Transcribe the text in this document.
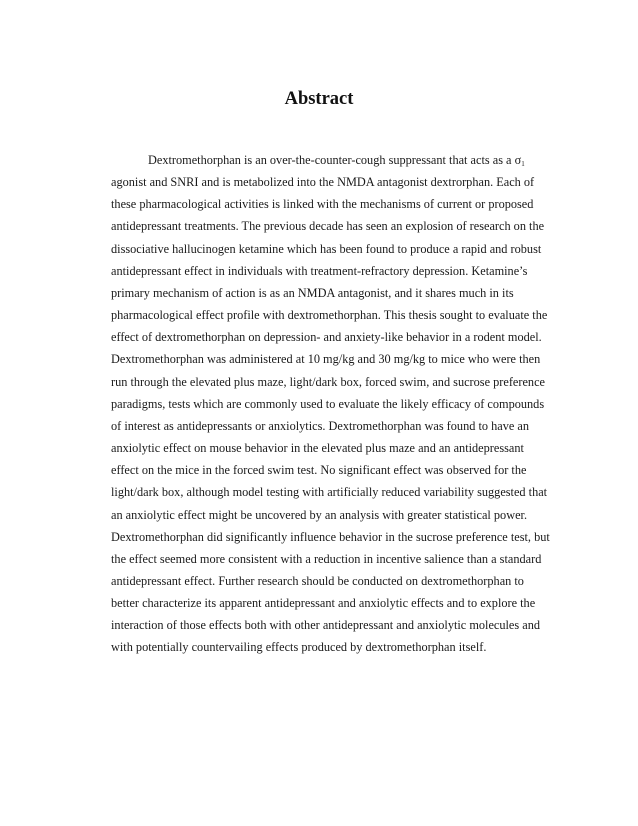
Abstract
Dextromethorphan is an over-the-counter-cough suppressant that acts as a $\sigma_1$
agonist and SNRI and is metabolized into the NMDA antagonist dextrorphan. Each of
these pharmacological activities is linked with the mechanisms of current or proposed
antidepressant treatments. The previous decade has seen an explosion of research on the
dissociative hallucinogen ketamine which has been found to produce a rapid and robust
antidepressant effect in individuals with treatment-refractory depression. Ketamine’s
primary mechanism of action is as an NMDA antagonist, and it shares much in its
pharmacological effect profile with dextromethorphan. This thesis sought to evaluate the
effect of dextromethorphan on depression- and anxiety-like behavior in a rodent model.
Dextromethorphan was administered at 10 mg/kg and 30 mg/kg to mice who were then
run through the elevated plus maze, light/dark box, forced swim, and sucrose preference
paradigms, tests which are commonly used to evaluate the likely efficacy of compounds
of interest as antidepressants or anxiolytics. Dextromethorphan was found to have an
anxiolytic effect on mouse behavior in the elevated plus maze and an antidepressant
effect on the mice in the forced swim test. No significant effect was observed for the
light/dark box, although model testing with artificially reduced variability suggested that
an anxiolytic effect might be uncovered by an analysis with greater statistical power.
Dextromethorphan did significantly influence behavior in the sucrose preference test, but
the effect seemed more consistent with a reduction in incentive salience than a standard
antidepressant effect. Further research should be conducted on dextromethorphan to
better characterize its apparent antidepressant and anxiolytic effects and to explore the
interaction of those effects both with other antidepressant and anxiolytic molecules and
with potentially countervailing effects produced by dextromethorphan itself.
